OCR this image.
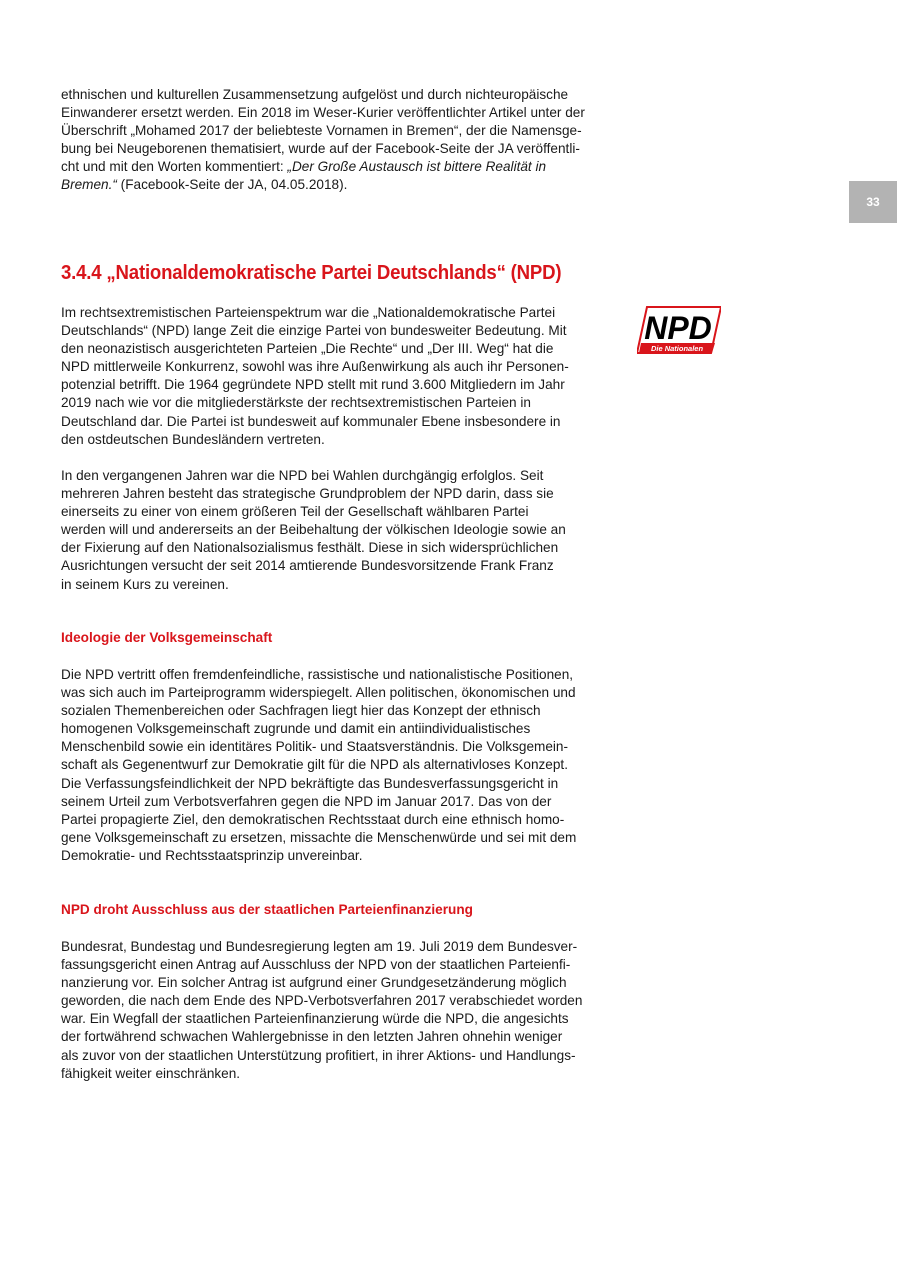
33

ethnischen und kulturellen Zusammensetzung aufgelöst und durch nichteuropäische
Einwanderer ersetzt werden. Ein 2018 im Weser-Kurier veröffentlichter Artikel unter der
Überschrift „Mohamed 2017 der beliebteste Vornamen in Bremen“, der die Namensge-
bung bei Neugeborenen thematisiert, wurde auf der Facebook-Seite der JA veröffentli-
cht und mit den Worten kommentiert: „Der Große Austausch ist bittere Realität in
Bremen.“ (Facebook-Seite der JA, 04.05.2018).

3.4.4 „Nationaldemokratische Partei Deutschlands“ (NPD)
NPD
Die Nationalen

Im rechtsextremistischen Parteienspektrum war die „Nationaldemokratische Partei
Deutschlands“ (NPD) lange Zeit die einzige Partei von bundesweiter Bedeutung. Mit
den neonazistisch ausgerichteten Parteien „Die Rechte“ und „Der III. Weg“ hat die
NPD mittlerweile Konkurrenz, sowohl was ihre Außenwirkung als auch ihr Personen-
potenzial betrifft. Die 1964 gegründete NPD stellt mit rund 3.600 Mitgliedern im Jahr
2019 nach wie vor die mitgliederstärkste der rechtsextremistischen Parteien in
Deutschland dar. Die Partei ist bundesweit auf kommunaler Ebene insbesondere in
den ostdeutschen Bundesländern vertreten.

In den vergangenen Jahren war die NPD bei Wahlen durchgängig erfolglos. Seit
mehreren Jahren besteht das strategische Grundproblem der NPD darin, dass sie
einerseits zu einer von einem größeren Teil der Gesellschaft wählbaren Partei
werden will und andererseits an der Beibehaltung der völkischen Ideologie sowie an
der Fixierung auf den Nationalsozialismus festhält. Diese in sich widersprüchlichen
Ausrichtungen versucht der seit 2014 amtierende Bundesvorsitzende Frank Franz
in seinem Kurs zu vereinen.

Ideologie der Volksgemeinschaft

Die NPD vertritt offen fremdenfeindliche, rassistische und nationalistische Positionen,
was sich auch im Parteiprogramm widerspiegelt. Allen politischen, ökonomischen und
sozialen Themenbereichen oder Sachfragen liegt hier das Konzept der ethnisch
homogenen Volksgemeinschaft zugrunde und damit ein antiindividualistisches
Menschenbild sowie ein identitäres Politik- und Staatsverständnis. Die Volksgemein-
schaft als Gegenentwurf zur Demokratie gilt für die NPD als alternativloses Konzept.
Die Verfassungsfeindlichkeit der NPD bekräftigte das Bundesverfassungsgericht in
seinem Urteil zum Verbotsverfahren gegen die NPD im Januar 2017. Das von der
Partei propagierte Ziel, den demokratischen Rechtsstaat durch eine ethnisch homo-
gene Volksgemeinschaft zu ersetzen, missachte die Menschenwürde und sei mit dem
Demokratie- und Rechtsstaatsprinzip unvereinbar.

NPD droht Ausschluss aus der staatlichen Parteienfinanzierung

Bundesrat, Bundestag und Bundesregierung legten am 19. Juli 2019 dem Bundesver-
fassungsgericht einen Antrag auf Ausschluss der NPD von der staatlichen Parteienfi-
nanzierung vor. Ein solcher Antrag ist aufgrund einer Grundgesetzänderung möglich
geworden, die nach dem Ende des NPD-Verbotsverfahren 2017 verabschiedet worden
war. Ein Wegfall der staatlichen Parteienfinanzierung würde die NPD, die angesichts
der fortwährend schwachen Wahlergebnisse in den letzten Jahren ohnehin weniger
als zuvor von der staatlichen Unterstützung profitiert, in ihrer Aktions- und Handlungs-
fähigkeit weiter einschränken.
